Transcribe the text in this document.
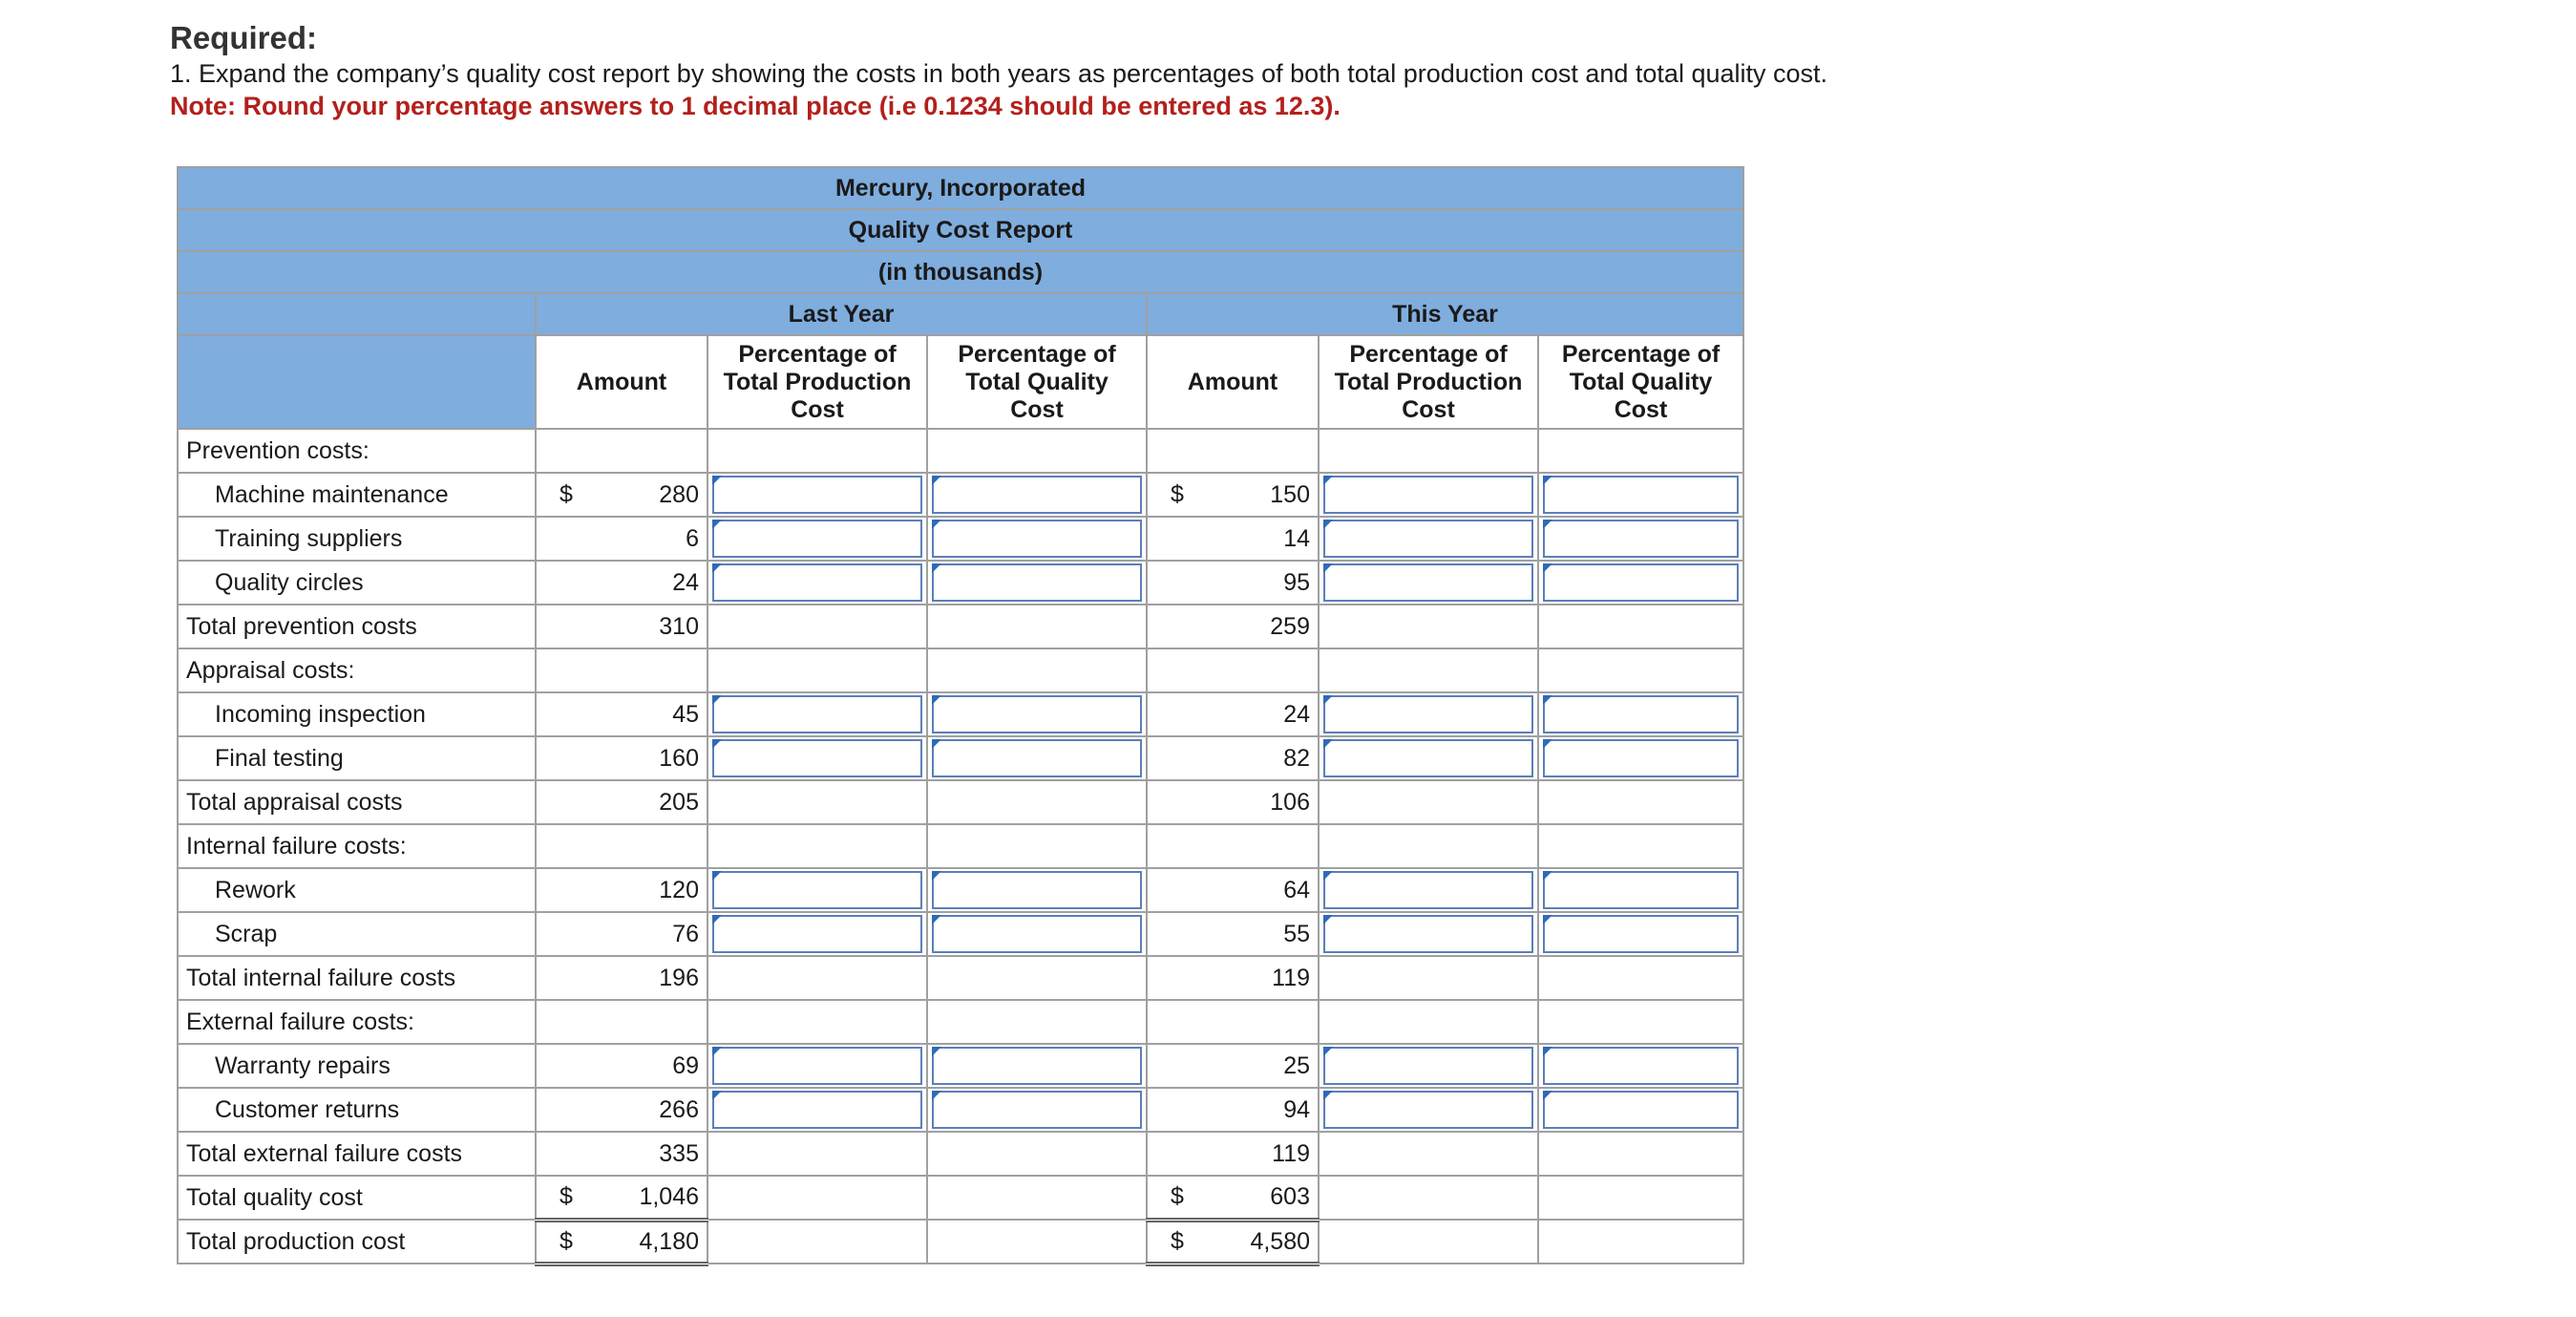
Required:
1. Expand the company’s quality cost report by showing the costs in both years as percentages of both total production cost and total quality cost.
Note: Round your percentage answers to 1 decimal place (i.e 0.1234 should be entered as 12.3).
Mercury, Incorporated						
Quality Cost Report						
(in thousands)						
	Last Year			This Year		
	Amount	Percentage of Total Production Cost	Percentage of Total Quality Cost	Amount	Percentage of Total Production Cost	Percentage of Total Quality Cost
Prevention costs:						
Machine maintenance	$ 280			$ 150	

Training suppliers	6			14	

Quality circles	24			95	

Total prevention costs	310			259		
Appraisal costs:						
Incoming inspection	45			24	

Final testing	160			82	

Total appraisal costs	205			106		
Internal failure costs:						
Rework	120			64	

Scrap	76			55	

Total internal failure costs	196			119		
External failure costs:						
Warranty repairs	69			25	

Customer returns	266			94	

Total external failure costs	335			119		
Total quality cost	$ 1,046			$ 603		
Total production cost	$ 4,180			$ 4,580		
